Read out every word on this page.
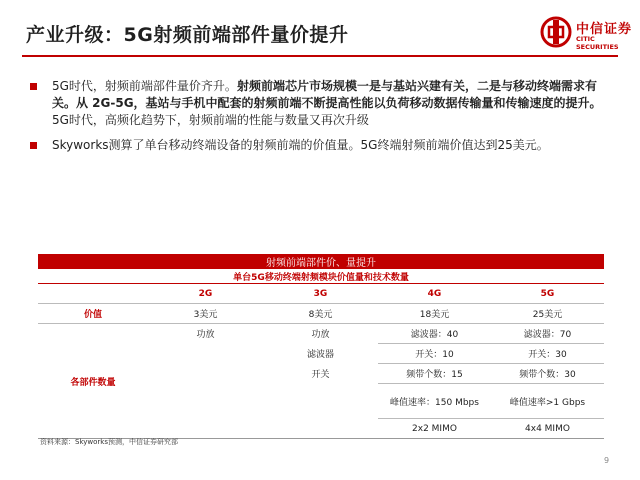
产业升级：5G射频前端部件量价提升	中信证券
CITIC SECURITIES
5G时代，射频前端部件量价齐升。射频前端芯片市场规模一是与基站兴建有关，二是与移动终端需求有关。从 2G-5G，基站与手机中配套的射频前端不断提高性能以负荷移动数据传输量和传输速度的提升。5G时代，高频化趋势下，射频前端的性能与数量又再次升级
Skyworks测算了单台移动终端设备的射频前端的价值量。5G终端射频前端价值达到25美元。
射频前端部件价、量提升				
单台5G移动终端射频模块价值量和技术数量				
	2G	3G	4G	5G
价值	3美元	8美元	18美元	25美元
各部件数量	功放	功放	滤波器：40	滤波器：70
		滤波器	开关：10	开关：30
		开关	频带个数：15	频带个数：30
			峰值速率：150 Mbps	峰值速率>1 Gbps
			2x2 MIMO	4x4 MIMO
资料来源：Skyworks预测，中信证券研究部
9
